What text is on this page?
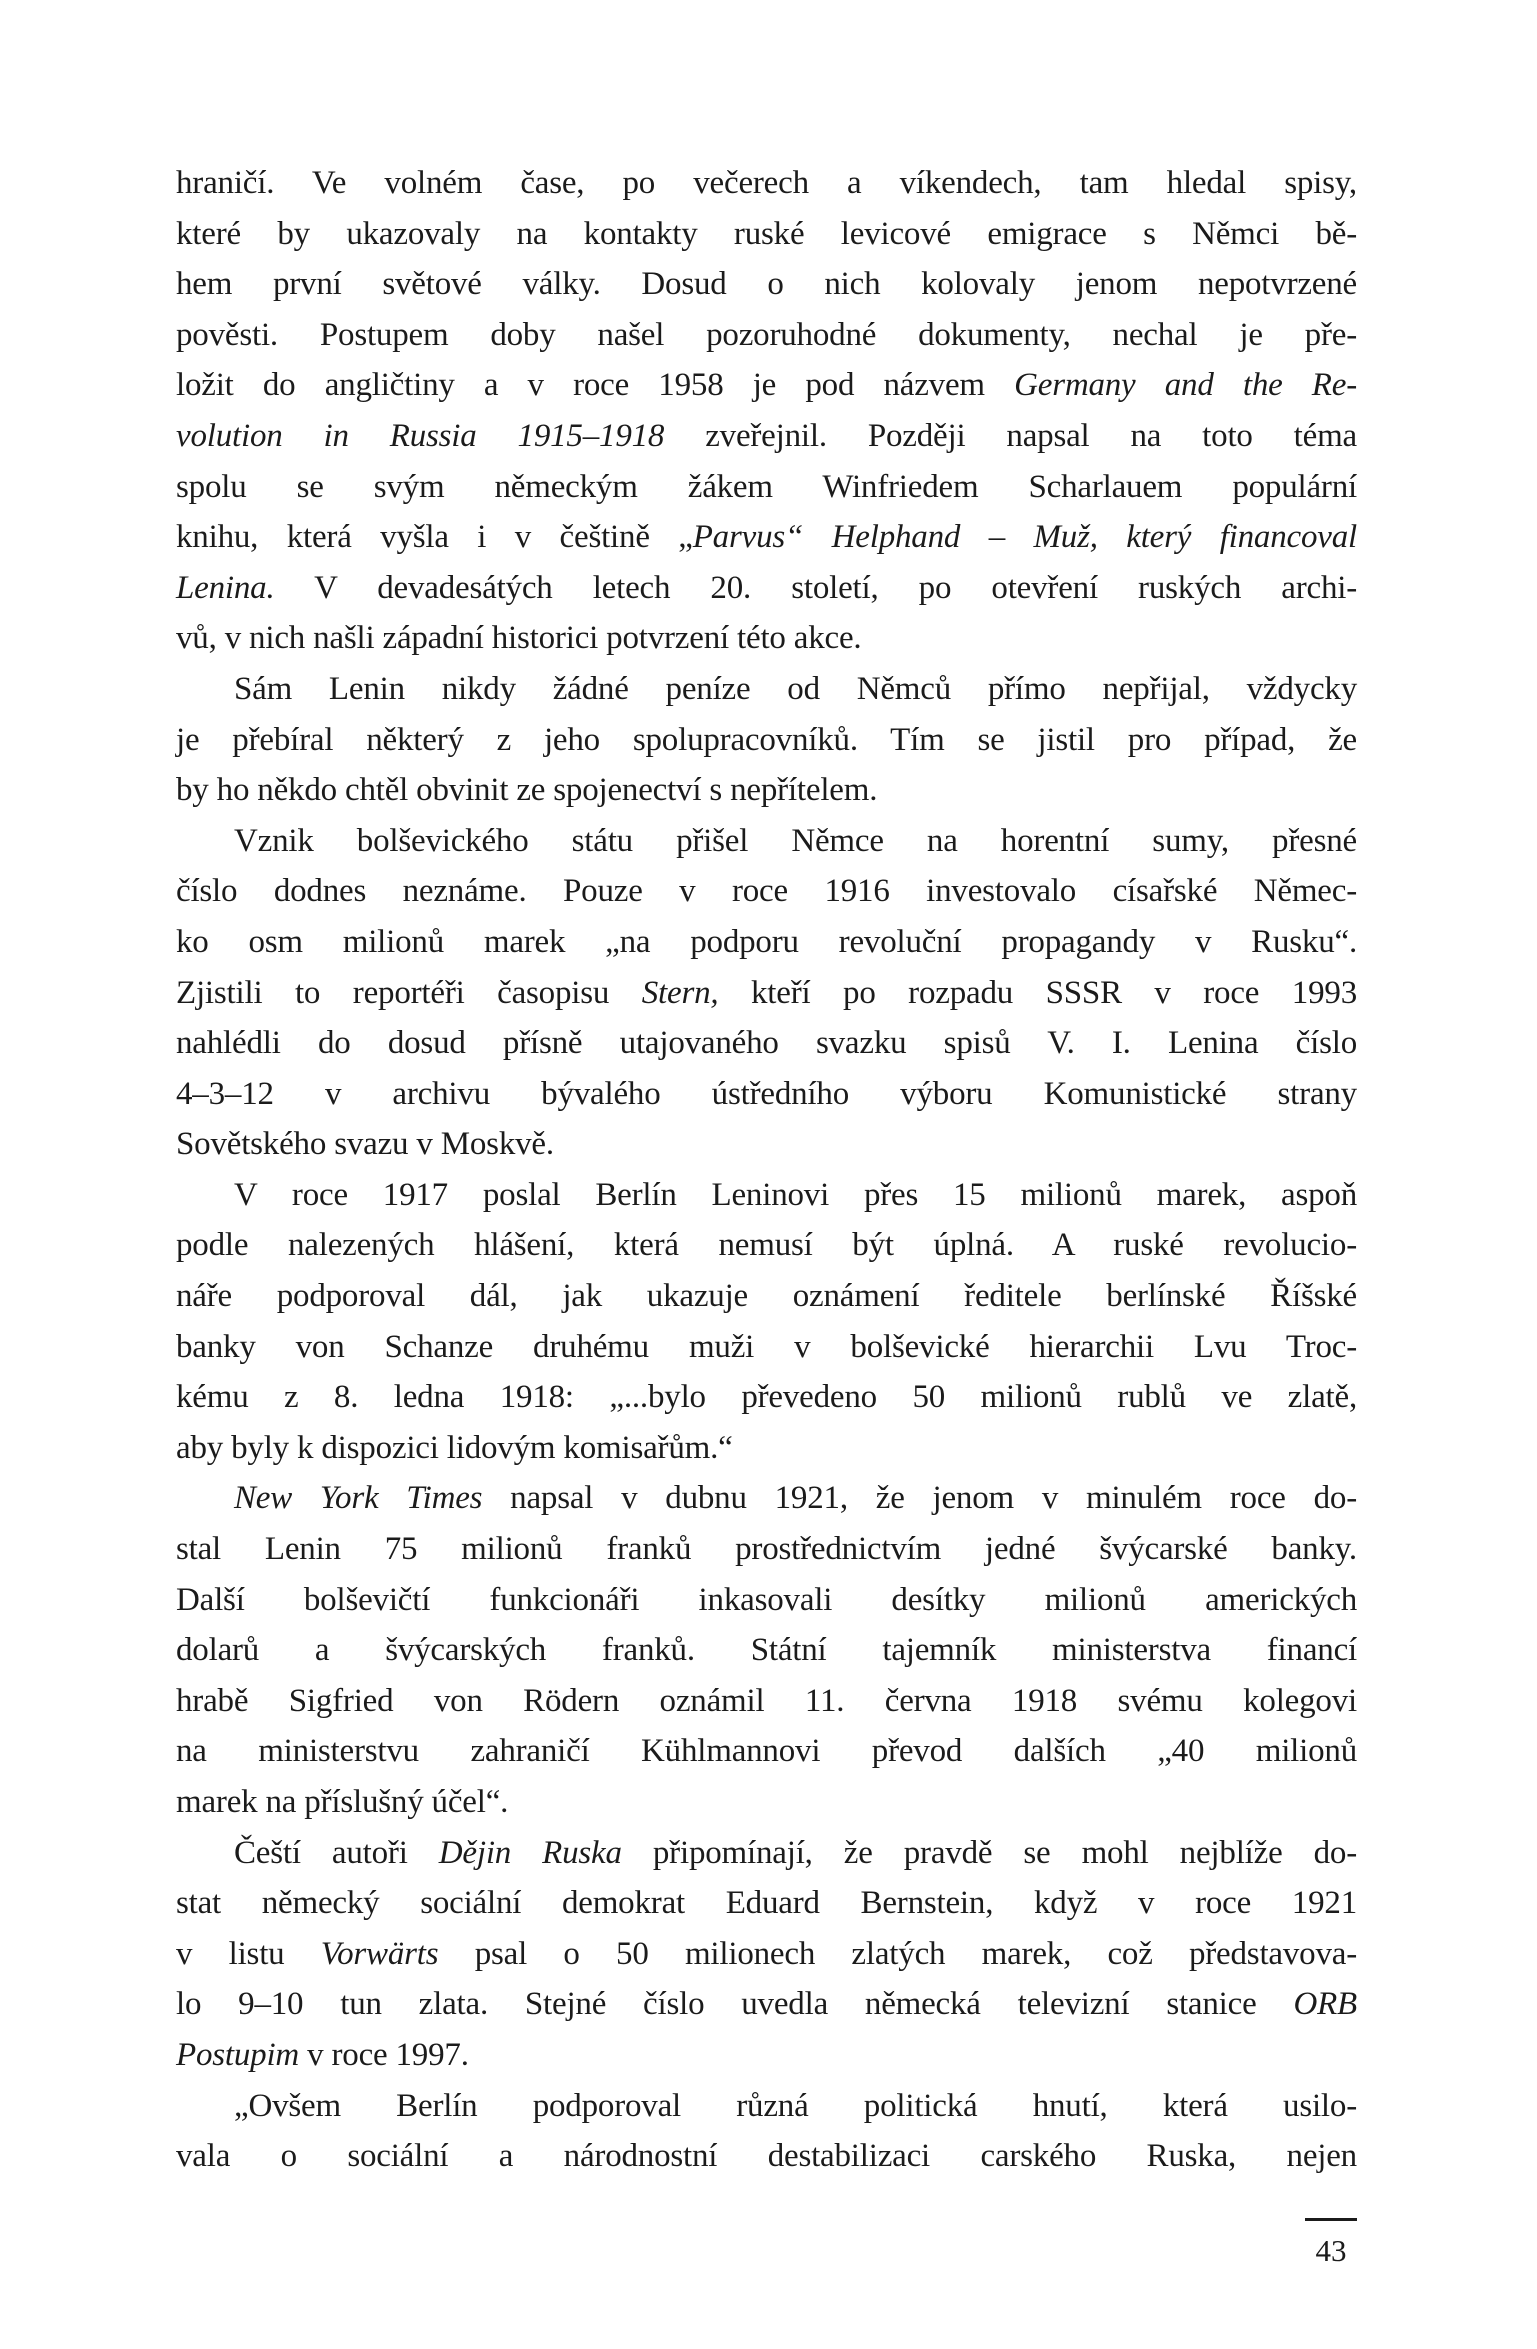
hraničí. Ve volném čase, po večerech a víkendech, tam hledal spisy,
které by ukazovaly na kontakty ruské levicové emigrace s Němci bě-
hem první světové války. Dosud o nich kolovaly jenom nepotvrzené
pověsti. Postupem doby našel pozoruhodné dokumenty, nechal je pře-
ložit do angličtiny a v roce 1958 je pod názvem Germany and the Re-
volution in Russia 1915–1918 zveřejnil. Později napsal na toto téma
spolu se svým německým žákem Winfriedem Scharlauem populární
knihu, která vyšla i v češtině „Parvus“ Helphand – Muž, který financoval
Lenina. V devadesátých letech 20. století, po otevření ruských archi-
vů, v nich našli západní historici potvrzení této akce.
Sám Lenin nikdy žádné peníze od Němců přímo nepřijal, vždycky
je přebíral některý z jeho spolupracovníků. Tím se jistil pro případ, že
by ho někdo chtěl obvinit ze spojenectví s nepřítelem.
Vznik bolševického státu přišel Němce na horentní sumy, přesné
číslo dodnes neznáme. Pouze v roce 1916 investovalo císařské Němec-
ko osm milionů marek „na podporu revoluční propagandy v Rusku“.
Zjistili to reportéři časopisu Stern, kteří po rozpadu SSSR v roce 1993
nahlédli do dosud přísně utajovaného svazku spisů V. I. Lenina číslo
4–3–12 v archivu bývalého ústředního výboru Komunistické strany
Sovětského svazu v Moskvě.
V roce 1917 poslal Berlín Leninovi přes 15 milionů marek, aspoň
podle nalezených hlášení, která nemusí být úplná. A ruské revolucio-
náře podporoval dál, jak ukazuje oznámení ředitele berlínské Říšské
banky von Schanze druhému muži v bolševické hierarchii Lvu Troc-
kému z 8. ledna 1918: „...bylo převedeno 50 milionů rublů ve zlatě,
aby byly k dispozici lidovým komisařům.“
New York Times napsal v dubnu 1921, že jenom v minulém roce do-
stal Lenin 75 milionů franků prostřednictvím jedné švýcarské banky.
Další bolševičtí funkcionáři inkasovali desítky milionů amerických
dolarů a švýcarských franků. Státní tajemník ministerstva financí
hrabě Sigfried von Rödern oznámil 11. června 1918 svému kolegovi
na ministerstvu zahraničí Kühlmannovi převod dalších „40 milionů
marek na příslušný účel“.
Čeští autoři Dějin Ruska připomínají, že pravdě se mohl nejblíže do-
stat německý sociální demokrat Eduard Bernstein, když v roce 1921
v listu Vorwärts psal o 50 milionech zlatých marek, což představova-
lo 9–10 tun zlata. Stejné číslo uvedla německá televizní stanice ORB
Postupim v roce 1997.
„Ovšem Berlín podporoval různá politická hnutí, která usilo-
vala o sociální a národnostní destabilizaci carského Ruska, nejen
43
